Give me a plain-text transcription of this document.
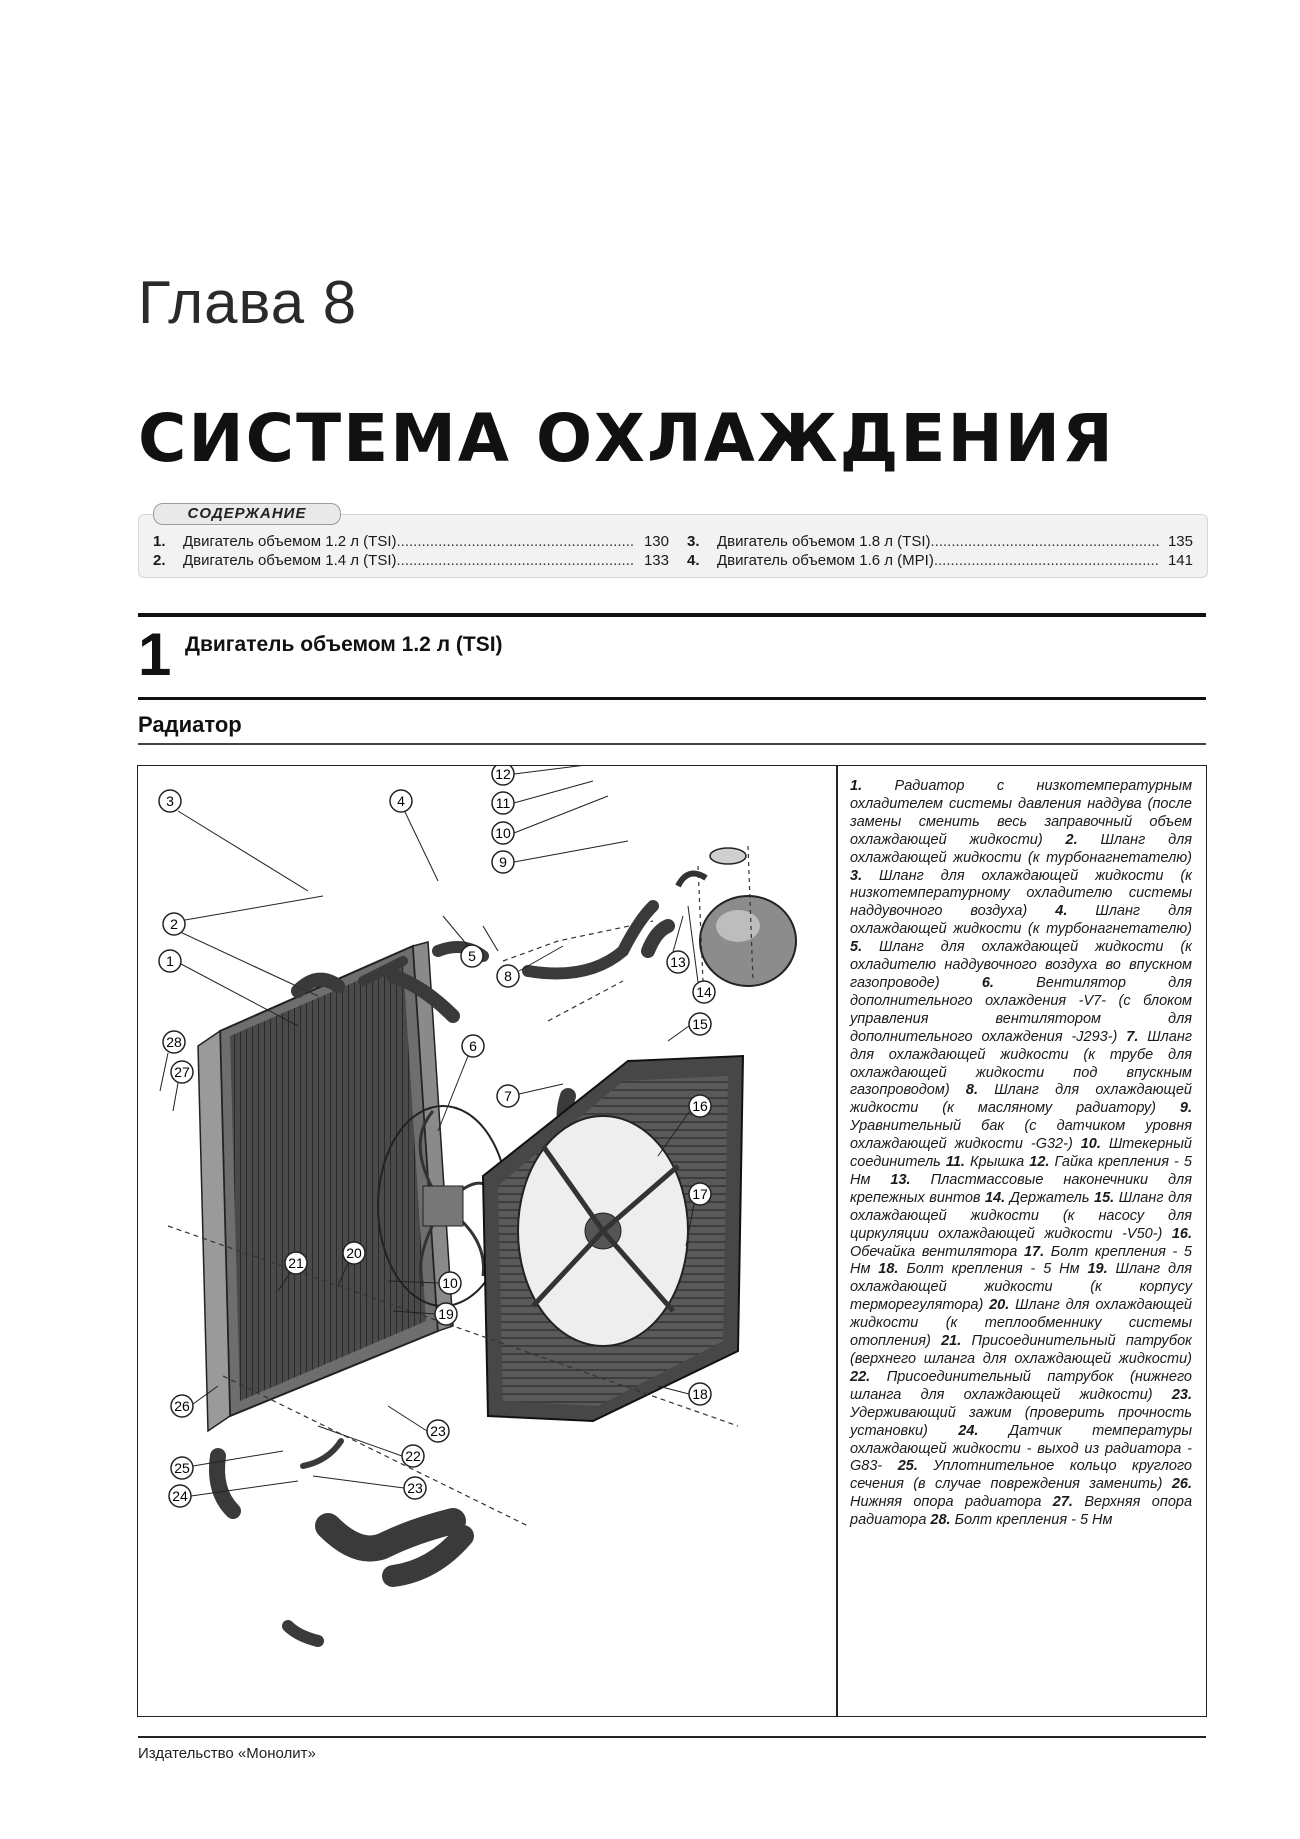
Глава 8
СИСТЕМА ОХЛАЖДЕНИЯ
СОДЕРЖАНИЕ
1.	Двигатель объемом 1.2 л (TSI) .....	130
2.	Двигатель объемом 1.4 л (TSI) .....	133
3.	Двигатель объемом 1.8 л (TSI) .....	135
4.	Двигатель объемом 1.6 л (MPI) .....	141
1 Двигатель объемом 1.2 л (TSI)
Радиатор
1
2
3	4
5
6
7
8
9
10
10
11
12
13
14
15
16
17
18
19
20
21
22
23
23
24
25
26
27
28
1. Радиатор с низкотемпературным охладителем системы давления наддува (после замены сменить весь заправочный объем охлаждающей жидкости) 2. Шланг для охлаждающей жидкости (к турбонагнетателю) 3. Шланг для охлаждающей жидкости (к низкотемпературному охладителю системы наддувочного воздуха) 4. Шланг для охлаждающей жидкости (к турбонагнетателю) 5. Шланг для охлаждающей жидкости (к охладителю наддувочного воздуха во впускном газопроводе) 6. Вентилятор для дополнительного охлаждения -V7- (с блоком управления вентилятором для дополнительного охлаждения -J293-) 7. Шланг для охлаждающей жидкости (к трубе для охлаждающей жидкости под впускным газопроводом) 8. Шланг для охлаждающей жидкости (к масляному радиатору) 9. Уравнительный бак (с датчиком уровня охлаждающей жидкости -G32-) 10. Штекерный соединитель 11. Крышка 12. Гайка крепления - 5 Нм 13. Пластмассовые наконечники для крепежных винтов 14. Держатель 15. Шланг для охлаждающей жидкости (к насосу для циркуляции охлаждающей жидкости -V50-) 16. Обечайка вентилятора 17. Болт крепления - 5 Нм 18. Болт крепления - 5 Нм 19. Шланг для охлаждающей жидкости (к корпусу терморегулятора) 20. Шланг для охлаждающей жидкости (к теплообменнику системы отопления) 21. Присоединительный патрубок (верхнего шланга для охлаждающей жидкости) 22. Присоединительный патрубок (нижнего шланга для охлаждающей жидкости) 23. Удерживающий зажим (проверить прочность установки) 24. Датчик температуры охлаждающей жидкости - выход из радиатора -G83- 25. Уплотнительное кольцо круглого сечения (в случае повреждения заменить) 26. Нижняя опора радиатора 27. Верхняя опора радиатора 28. Болт крепления - 5 Нм
Издательство «Монолит»
